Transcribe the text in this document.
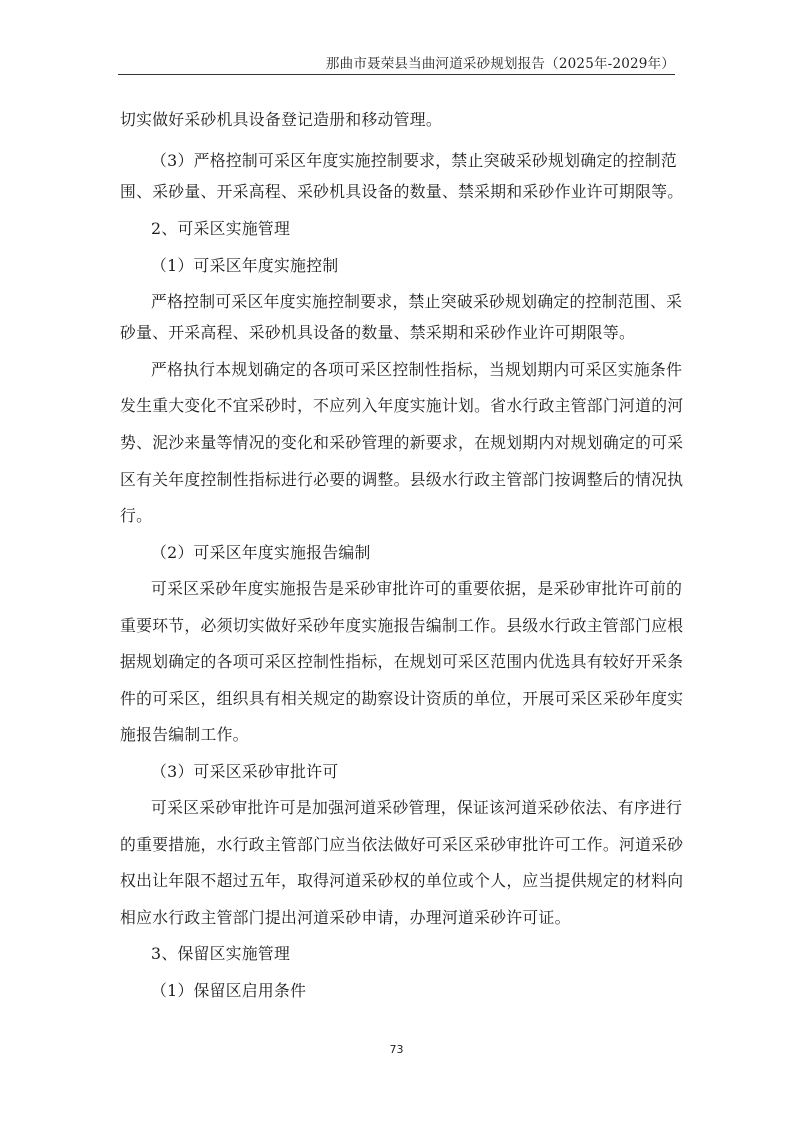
那曲市聂荣县当曲河道采砂规划报告（2025年-2029年）
切实做好采砂机具设备登记造册和移动管理。
（3）严格控制可采区年度实施控制要求，禁止突破采砂规划确定的控制范
围、采砂量、开采高程、采砂机具设备的数量、禁采期和采砂作业许可期限等。
2、可采区实施管理
（1）可采区年度实施控制
严格控制可采区年度实施控制要求，禁止突破采砂规划确定的控制范围、采
砂量、开采高程、采砂机具设备的数量、禁采期和采砂作业许可期限等。
严格执行本规划确定的各项可采区控制性指标，当规划期内可采区实施条件
发生重大变化不宜采砂时，不应列入年度实施计划。省水行政主管部门河道的河
势、泥沙来量等情况的变化和采砂管理的新要求，在规划期内对规划确定的可采
区有关年度控制性指标进行必要的调整。县级水行政主管部门按调整后的情况执
行。
（2）可采区年度实施报告编制
可采区采砂年度实施报告是采砂审批许可的重要依据，是采砂审批许可前的
重要环节，必须切实做好采砂年度实施报告编制工作。县级水行政主管部门应根
据规划确定的各项可采区控制性指标，在规划可采区范围内优选具有较好开采条
件的可采区，组织具有相关规定的勘察设计资质的单位，开展可采区采砂年度实
施报告编制工作。
（3）可采区采砂审批许可
可采区采砂审批许可是加强河道采砂管理，保证该河道采砂依法、有序进行
的重要措施，水行政主管部门应当依法做好可采区采砂审批许可工作。河道采砂
权出让年限不超过五年，取得河道采砂权的单位或个人，应当提供规定的材料向
相应水行政主管部门提出河道采砂申请，办理河道采砂许可证。
3、保留区实施管理
（1）保留区启用条件
73
